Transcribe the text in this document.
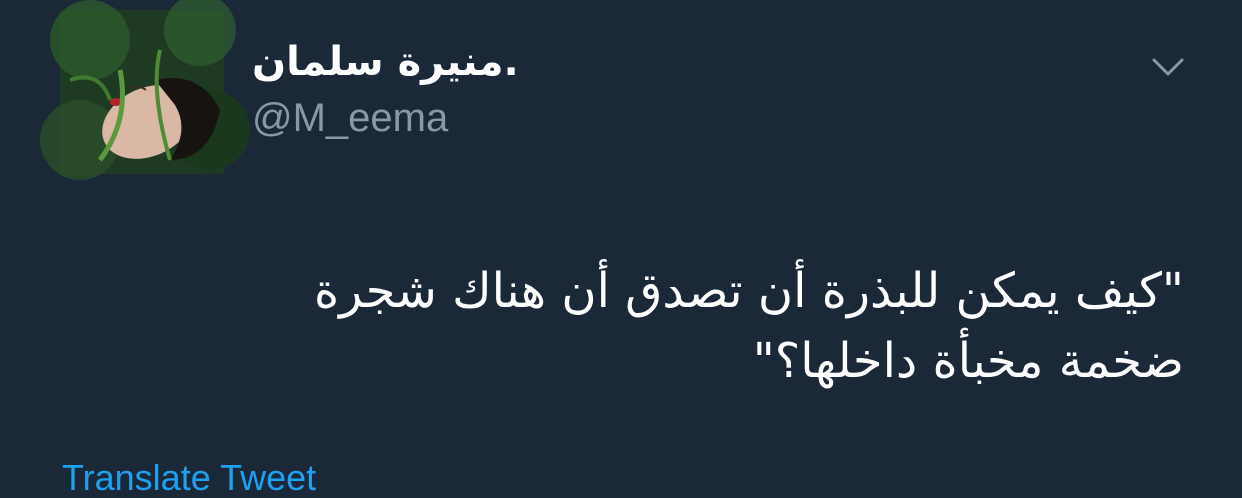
منيرة سلمان.
@M_eema
"كيف يمكن للبذرة أن تصدق أن هناك شجرة ضخمة مخبأة داخلها؟"
Translate Tweet
